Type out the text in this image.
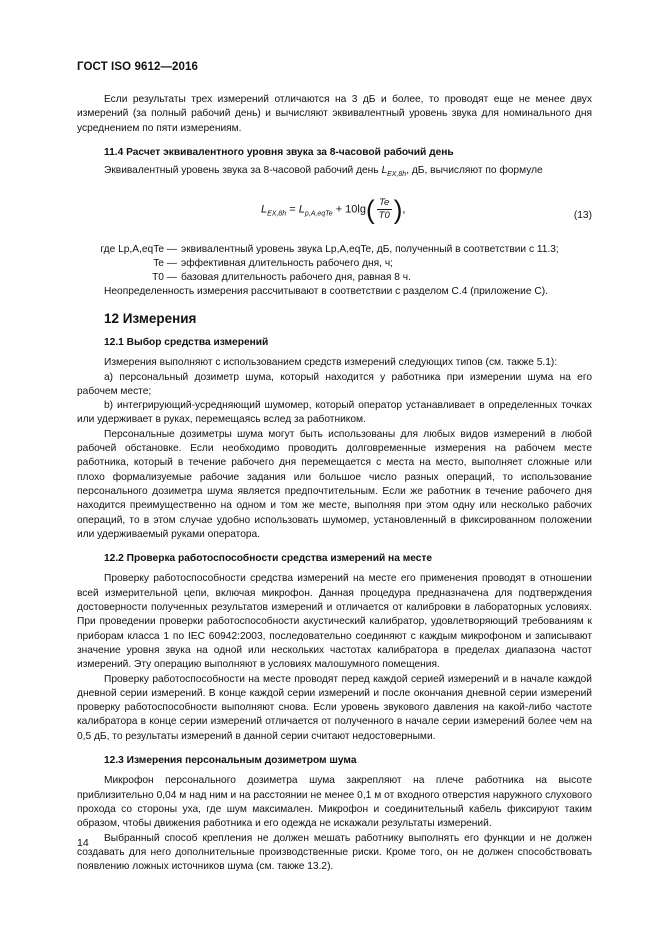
ГОСТ ISO 9612—2016

Если результаты трех измерений отличаются на 3 дБ и более, то проводят еще не менее двух измерений (за полный рабочий день) и вычисляют эквивалентный уровень звука для номинального дня усреднением по пяти измерениям.

11.4 Расчет эквивалентного уровня звука за 8-часовой рабочий день

Эквивалентный уровень звука за 8-часовой рабочий день $L_{EX,8h}$, дБ, вычисляют по формуле

$L_{EX,8h} = L_{p,A,eqTe} + 10\lg( \frac{Te}{T0}$ ),
(13)
где Lp,A,eqTe — эквивалентный уровень звука Lp,A,eqTe, дБ, полученный в соответствии с 11.3;
Te — эффективная длительность рабочего дня, ч;
T0 — базовая длительность рабочего дня, равная 8 ч.

Неопределенность измерения рассчитывают в соответствии с разделом С.4 (приложение С).

12 Измерения
12.1 Выбор средства измерений

Измерения выполняют с использованием средств измерений следующих типов (см. также 5.1):

а) персональный дозиметр шума, который находится у работника при измерении шума на его рабочем месте;

b) интегрирующий-усредняющий шумомер, который оператор устанавливает в определенных точках или удерживает в руках, перемещаясь вслед за работником.

Персональные дозиметры шума могут быть использованы для любых видов измерений в любой рабочей обстановке. Если необходимо проводить долговременные измерения на рабочем месте работника, который в течение рабочего дня перемещается с места на место, выполняет сложные или плохо формализуемые рабочие задания или большое число разных операций, то использование персонального дозиметра шума является предпочтительным. Если же работник в течение рабочего дня находится преимущественно на одном и том же месте, выполняя при этом одну или несколько рабочих операций, то в этом случае удобно использовать шумомер, установленный в фиксированном положении или удерживаемый руками оператора.

12.2 Проверка работоспособности средства измерений на месте

Проверку работоспособности средства измерений на месте его применения проводят в отношении всей измерительной цепи, включая микрофон. Данная процедура предназначена для подтверждения достоверности полученных результатов измерений и отличается от калибровки в лабораторных условиях. При проведении проверки работоспособности акустический калибратор, удовлетворяющий требованиям к приборам класса 1 по IEC 60942:2003, последовательно соединяют с каждым микрофоном и записывают значение уровня звука на одной или нескольких частотах калибратора в пределах диапазона частот измерений. Эту операцию выполняют в условиях малошумного помещения.

Проверку работоспособности на месте проводят перед каждой серией измерений и в начале каждой дневной серии измерений. В конце каждой серии измерений и после окончания дневной серии измерений проверку работоспособности выполняют снова. Если уровень звукового давления на какой-либо частоте калибратора в конце серии измерений отличается от полученного в начале серии измерений более чем на 0,5 дБ, то результаты измерений в данной серии считают недостоверными.

12.3 Измерения персональным дозиметром шума

Микрофон персонального дозиметра шума закрепляют на плече работника на высоте приблизительно 0,04 м над ним и на расстоянии не менее 0,1 м от входного отверстия наружного слухового прохода со стороны уха, где шум максимален. Микрофон и соединительный кабель фиксируют таким образом, чтобы движения работника и его одежда не искажали результаты измерений.

Выбранный способ крепления не должен мешать работнику выполнять его функции и не должен создавать для него дополнительные производственные риски. Кроме того, он не должен способствовать появлению ложных источников шума (см. также 13.2).

14
